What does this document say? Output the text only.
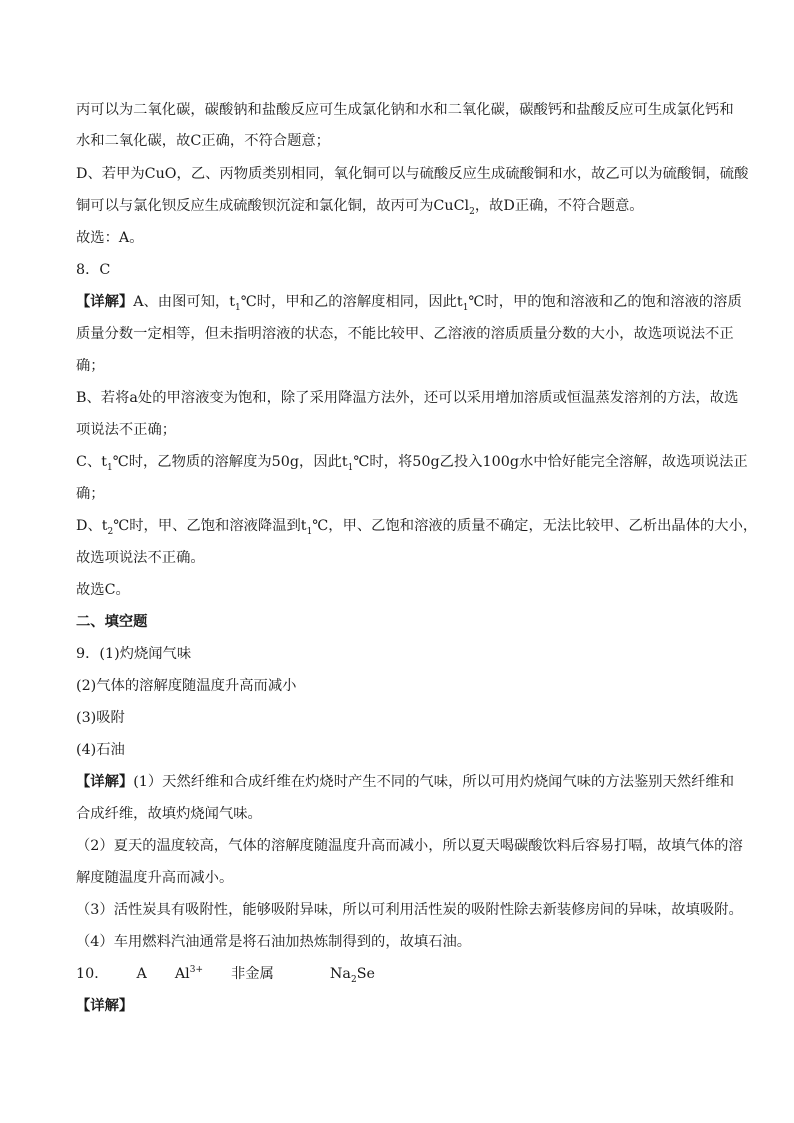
丙可以为二氧化碳，碳酸钠和盐酸反应可生成氯化钠和水和二氧化碳，碳酸钙和盐酸反应可生成氯化钙和
水和二氧化碳，故C正确，不符合题意；
D、若甲为CuO，乙、丙物质类别相同，氧化铜可以与硫酸反应生成硫酸铜和水，故乙可以为硫酸铜，硫酸
铜可以与氯化钡反应生成硫酸钡沉淀和氯化铜，故丙可为CuCl$_2$，故D正确，不符合题意。
故选：A。
8．C
【详解】A、由图可知，$t_1℃$时，甲和乙的溶解度相同，因此$t_1℃$时，甲的饱和溶液和乙的饱和溶液的溶质
质量分数一定相等，但未指明溶液的状态，不能比较甲、乙溶液的溶质质量分数的大小，故选项说法不正
确；
B、若将a处的甲溶液变为饱和，除了采用降温方法外，还可以采用增加溶质或恒温蒸发溶剂的方法，故选
项说法不正确；
C、$t_1℃$时，乙物质的溶解度为50g，因此$t_1℃$时，将50g乙投入100g水中恰好能完全溶解，故选项说法正
确；
D、$t_2℃$时，甲、乙饱和溶液降温到$t_1℃$，甲、乙饱和溶液的质量不确定，无法比较甲、乙析出晶体的大小，
故选项说法不正确。
故选C。
二、填空题
9．(1)灼烧闻气味
(2)气体的溶解度随温度升高而减小
(3)吸附
(4)石油
【详解】(1）天然纤维和合成纤维在灼烧时产生不同的气味，所以可用灼烧闻气味的方法鉴别天然纤维和
合成纤维，故填灼烧闻气味。
（2）夏天的温度较高，气体的溶解度随温度升高而减小，所以夏天喝碳酸饮料后容易打嗝，故填气体的溶
解度随温度升高而减小。
（3）活性炭具有吸附性，能够吸附异味，所以可利用活性炭的吸附性除去新装修房间的异味，故填吸附。
（4）车用燃料汽油通常是将石油加热炼制得到的，故填石油。
10． A $Al^{3+}$ 非金属	$Na_2Se$
【详解】
